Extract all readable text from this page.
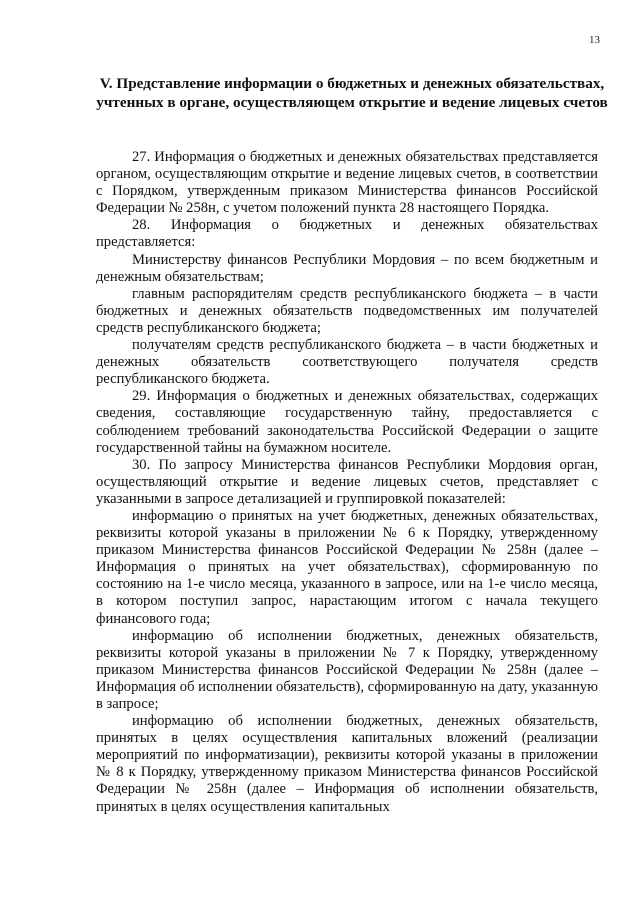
13
V. Представление информации о бюджетных и денежных обязательствах, учтенных в органе, осуществляющем открытие и ведение лицевых счетов

27. Информация о бюджетных и денежных обязательствах представляется органом, осуществляющим открытие и ведение лицевых счетов, в соответствии с Порядком, утвержденным приказом Министерства финансов Российской Федерации № 258н, с учетом положений пункта 28 настоящего Порядка.

28. Информация о бюджетных и денежных обязательствах представляется:

Министерству финансов Республики Мордовия – по всем бюджетным и денежным обязательствам;

главным распорядителям средств республиканского бюджета – в части бюджетных и денежных обязательств подведомственных им получателей средств республиканского бюджета;

получателям средств республиканского бюджета – в части бюджетных и денежных обязательств соответствующего получателя средств республиканского бюджета.

29. Информация о бюджетных и денежных обязательствах, содержащих сведения, составляющие государственную тайну, предоставляется с соблюдением требований законодательства Российской Федерации о защите государственной тайны на бумажном носителе.

30. По запросу Министерства финансов Республики Мордовия орган, осуществляющий открытие и ведение лицевых счетов, представляет с указанными в запросе детализацией и группировкой показателей:

информацию о принятых на учет бюджетных, денежных обязательствах, реквизиты которой указаны в приложении № 6 к Порядку, утвержденному приказом Министерства финансов Российской Федерации № 258н (далее – Информация о принятых на учет обязательствах), сформированную по состоянию на 1-е число месяца, указанного в запросе, или на 1-е число месяца, в котором поступил запрос, нарастающим итогом с начала текущего финансового года;

информацию об исполнении бюджетных, денежных обязательств, реквизиты которой указаны в приложении № 7 к Порядку, утвержденному приказом Министерства финансов Российской Федерации № 258н (далее – Информация об исполнении обязательств), сформированную на дату, указанную в запросе;

информацию об исполнении бюджетных, денежных обязательств, принятых в целях осуществления капитальных вложений (реализации мероприятий по информатизации), реквизиты которой указаны в приложении № 8 к Порядку, утвержденному приказом Министерства финансов Российской Федерации № 258н (далее – Информация об исполнении обязательств, принятых в целях осуществления капитальных
